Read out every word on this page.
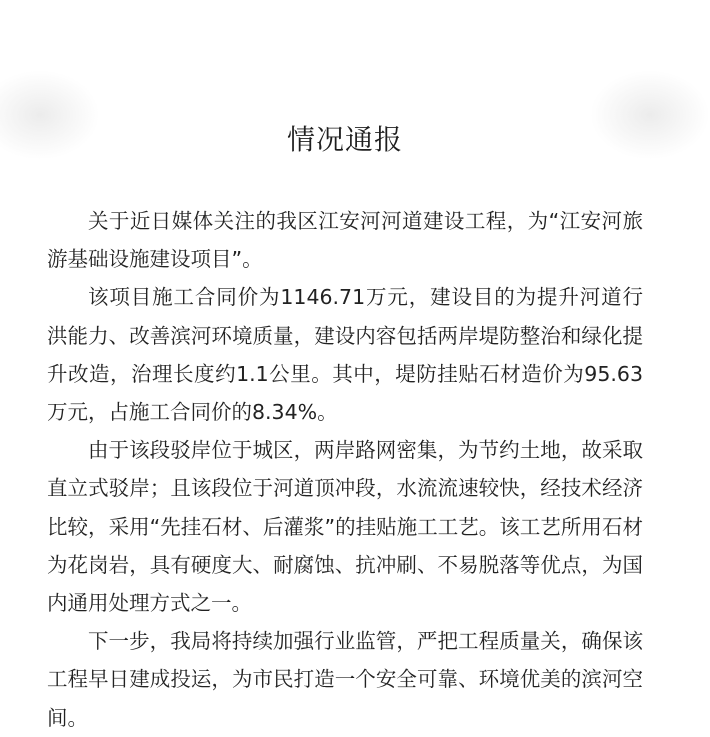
情况通报

关于近日媒体关注的我区江安河河道建设工程，为“江安河旅游基础设施建设项目”。

该项目施工合同价为1146.71万元，建设目的为提升河道行洪能力、改善滨河环境质量，建设内容包括两岸堤防整治和绿化提升改造，治理长度约1.1公里。其中，堤防挂贴石材造价为95.63万元，占施工合同价的8.34%。

由于该段驳岸位于城区，两岸路网密集，为节约土地，故采取直立式驳岸；且该段位于河道顶冲段，水流流速较快，经技术经济比较，采用“先挂石材、后灌浆”的挂贴施工工艺。该工艺所用石材为花岗岩，具有硬度大、耐腐蚀、抗冲刷、不易脱落等优点，为国内通用处理方式之一。

下一步，我局将持续加强行业监管，严把工程质量关，确保该工程早日建成投运，为市民打造一个安全可靠、环境优美的滨河空间。
